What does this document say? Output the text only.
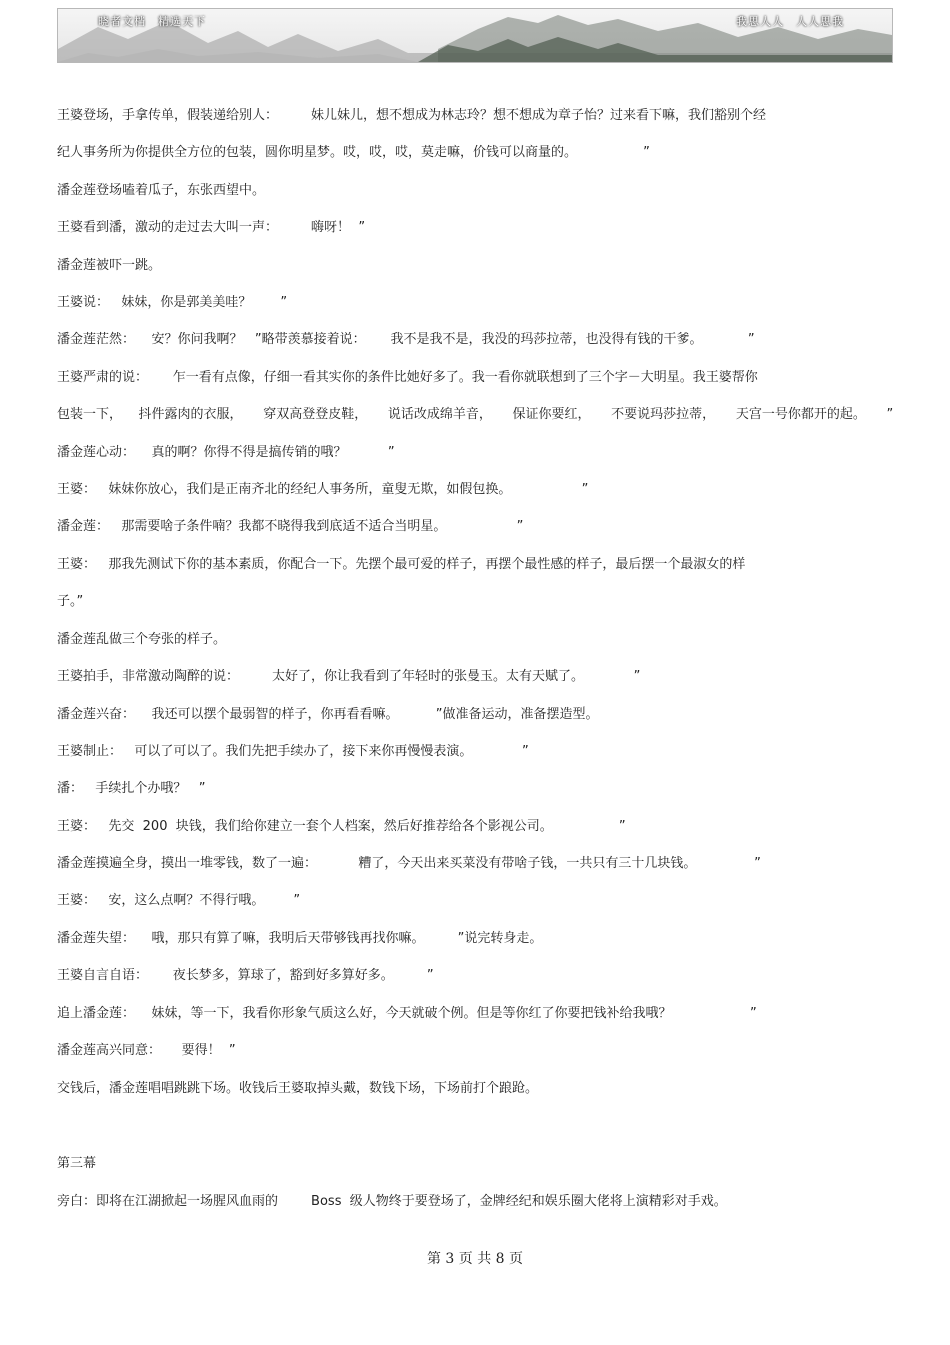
晓者文档　精选天下	我思人人　人人思我
王婆登场，手拿传单，假装递给别人：        妹儿妹儿，想不想成为林志玲？想不想成为章子怡？过来看下嘛，我们豁别个经
纪人事务所为你提供全方位的包装，圆你明星梦。哎，哎，哎，莫走嘛，价钱可以商量的。                ”
潘金莲登场嗑着瓜子，东张西望中。
王婆看到潘，激动的走过去大叫一声：        嗨呀！  ”
潘金莲被吓一跳。
王婆说：   妹妹，你是郭美美哇？       ”
潘金莲茫然：    安？你问我啊？   ”略带羡慕接着说：      我不是我不是，我没的玛莎拉蒂，也没得有钱的干爹。           ”
王婆严肃的说：      乍一看有点像，仔细一看其实你的条件比她好多了。我一看你就联想到了三个字－大明星。我王婆帮你
包装一下，    抖件露肉的衣服，     穿双高登登皮鞋，     说话改成绵羊音，     保证你要红，     不要说玛莎拉蒂，     天宫一号你都开的起。     ”
潘金莲心动：    真的啊？你得不得是搞传销的哦？          ”
王婆：   妹妹你放心，我们是正南齐北的经纪人事务所，童叟无欺，如假包换。                 ”
潘金莲：   那需要啥子条件喃？我都不晓得我到底适不适合当明星。                 ”
王婆：   那我先测试下你的基本素质，你配合一下。先摆个最可爱的样子，再摆个最性感的样子，最后摆一个最淑女的样
子。”
潘金莲乱做三个夸张的样子。
王婆拍手，非常激动陶醉的说：        太好了，你让我看到了年轻时的张曼玉。太有天赋了。            ”
潘金莲兴奋：    我还可以摆个最弱智的样子，你再看看嘛。         ”做准备运动，准备摆造型。
王婆制止：   可以了可以了。我们先把手续办了，接下来你再慢慢表演。            ”
潘：   手续扎个办哦？   ”
王婆：   先交  200  块钱，我们给你建立一套个人档案，然后好推荐给各个影视公司。                ”
潘金莲摸遍全身，摸出一堆零钱，数了一遍：          糟了，今天出来买菜没有带啥子钱，一共只有三十几块钱。              ”
王婆：   安，这么点啊？不得行哦。       ”
潘金莲失望：    哦，那只有算了嘛，我明后天带够钱再找你嘛。        ”说完转身走。
王婆自言自语：      夜长梦多，算球了，豁到好多算好多。        ”
追上潘金莲：    妹妹，等一下，我看你形象气质这么好，今天就破个例。但是等你红了你要把钱补给我哦？                   ”
潘金莲高兴同意：     要得！  ”
交钱后，潘金莲唱唱跳跳下场。收钱后王婆取掉头戴，数钱下场，下场前打个踉跄。
第三幕
旁白：即将在江湖掀起一场腥风血雨的        Boss  级人物终于要登场了，金牌经纪和娱乐圈大佬将上演精彩对手戏。
第 3 页 共 8 页
